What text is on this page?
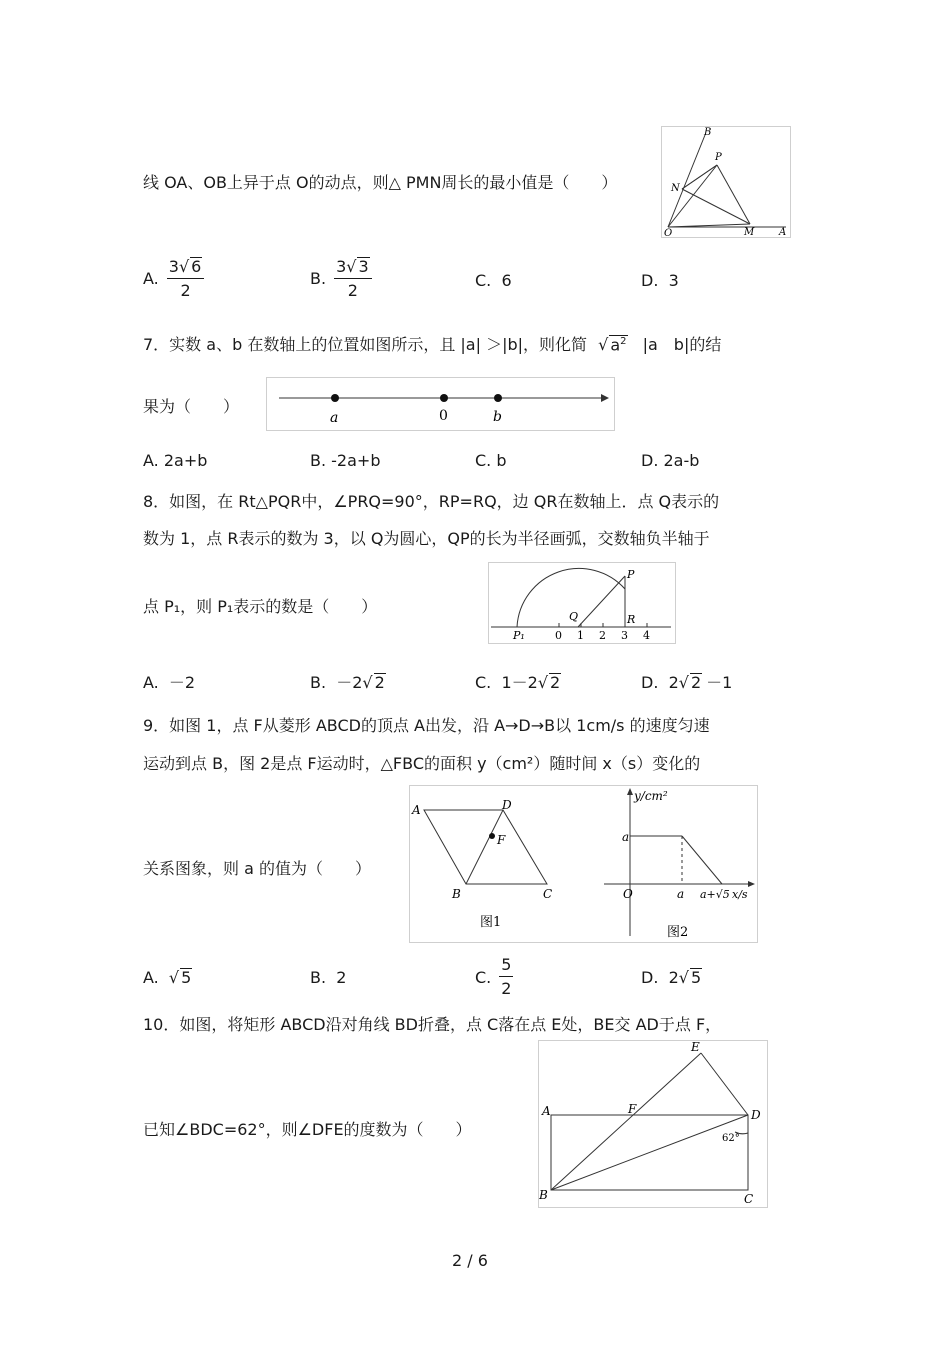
线 OA、OB上异于点 O的动点，则△ PMN周长的最小值是（　　）
B
P
N
O	M A
A. $\frac{3√ 6}{2}$	B. $\frac{3√ 3}{2}$	C. 6	D. 3
7．实数 a、b 在数轴上的位置如图所示，且 |a| ＞|b|，则化简 √ $a^2$ |a　b|的结
果为（　　）
a	0	b
A. 2a+b	B. -2a+b	C. b	D. 2a-b
8．如图，在 Rt△PQR中，∠PRQ=90°，RP=RQ，边 QR在数轴上．点 Q表示的
数为 1，点 R表示的数为 3，以 Q为圆心，QP的长为半径画弧，交数轴负半轴于
点 P₁，则 P₁表示的数是（　　）
P
Q	R
P₁	0 1 2 3 4
A. －2	B. －2√ 2	C. 1－2√ 2	D. 2√ 2 －1
9．如图 1，点 F从菱形 ABCD的顶点 A出发，沿 A→D→B以 1cm/s 的速度匀速
运动到点 B，图 2是点 F运动时，△FBC的面积 y（cm²）随时间 x（s）变化的
关系图象，则 a 的值为（　　）
A	D
F
B	C
图1
y/cm²
a
O	a a+√5 x/s
图2
A.  √ 5	B. 2	C. $\frac{5}{2}$	D. 2√ 5
10．如图，将矩形 ABCD沿对角线 BD折叠，点 C落在点 E处，BE交 AD于点 F，
已知∠BDC=62°，则∠DFE的度数为（　　）
E
A	F	D
62°
B	C
2 / 6
